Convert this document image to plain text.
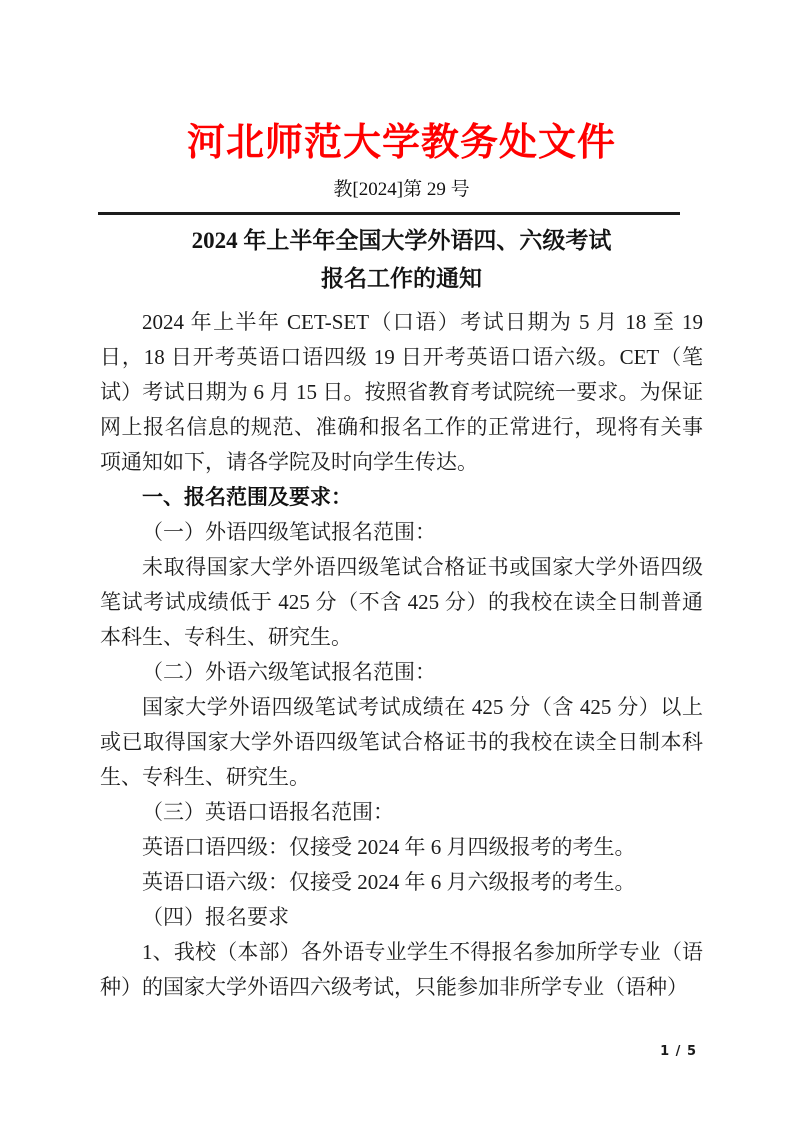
河北师范大学教务处文件
教[2024]第 29 号
2024 年上半年全国大学外语四、六级考试
报名工作的通知

2024 年上半年 CET-SET（口语）考试日期为 5 月 18 至 19 日，18 日开考英语口语四级 19 日开考英语口语六级。CET（笔试）考试日期为 6 月 15 日。按照省教育考试院统一要求。为保证网上报名信息的规范、准确和报名工作的正常进行，现将有关事项通知如下，请各学院及时向学生传达。

一、报名范围及要求：

（一）外语四级笔试报名范围：

未取得国家大学外语四级笔试合格证书或国家大学外语四级笔试考试成绩低于 425 分（不含 425 分）的我校在读全日制普通本科生、专科生、研究生。

（二）外语六级笔试报名范围：

国家大学外语四级笔试考试成绩在 425 分（含 425 分）以上或已取得国家大学外语四级笔试合格证书的我校在读全日制本科生、专科生、研究生。

（三）英语口语报名范围：

英语口语四级：仅接受 2024 年 6 月四级报考的考生。

英语口语六级：仅接受 2024 年 6 月六级报考的考生。

（四）报名要求

1、我校（本部）各外语专业学生不得报名参加所学专业（语种）的国家大学外语四六级考试，只能参加非所学专业（语种）

1 / 5
